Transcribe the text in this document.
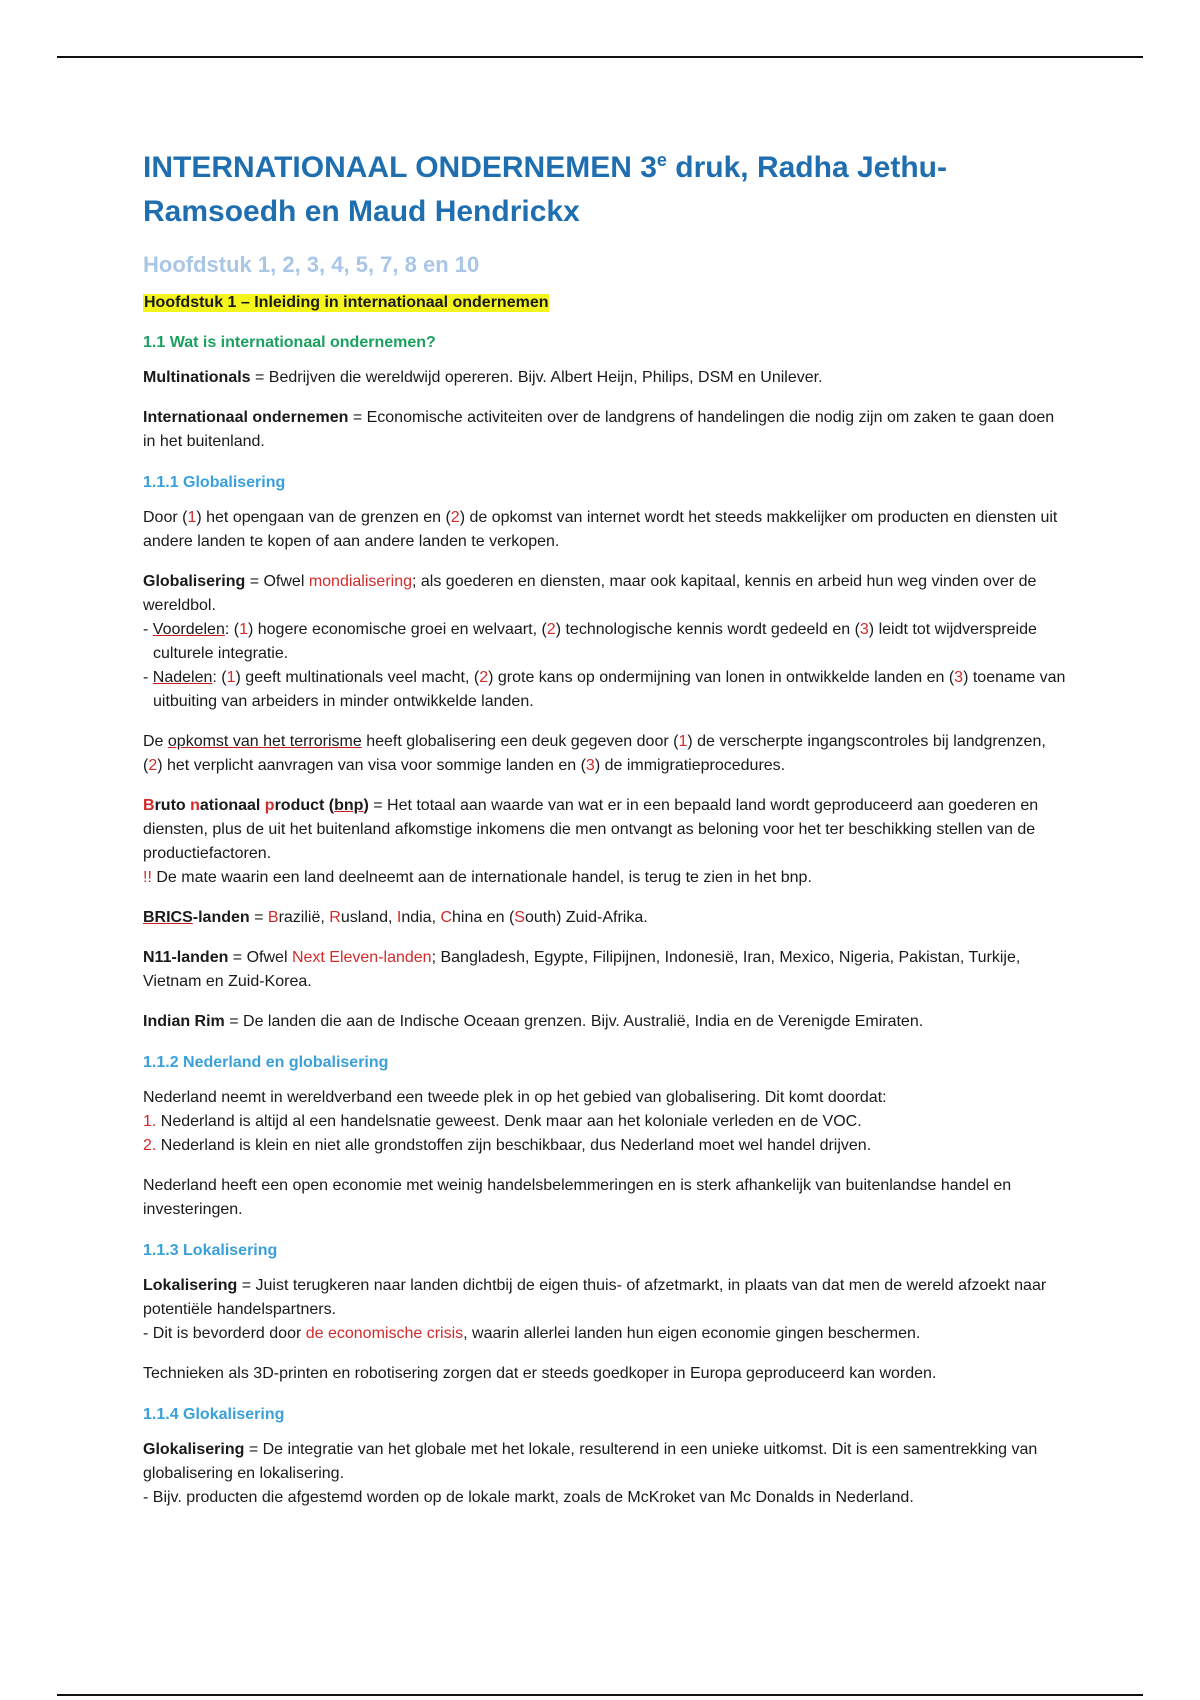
INTERNATIONAAL ONDERNEMEN 3e druk, Radha Jethu-Ramsoedh en Maud Hendrickx
Hoofdstuk 1, 2, 3, 4, 5, 7, 8 en 10
Hoofdstuk 1 – Inleiding in internationaal ondernemen
1.1 Wat is internationaal ondernemen?

Multinationals = Bedrijven die wereldwijd opereren. Bijv. Albert Heijn, Philips, DSM en Unilever.

Internationaal ondernemen = Economische activiteiten over de landgrens of handelingen die nodig zijn om zaken te gaan doen in het buitenland.

1.1.1 Globalisering

Door (1) het opengaan van de grenzen en (2) de opkomst van internet wordt het steeds makkelijker om producten en diensten uit andere landen te kopen of aan andere landen te verkopen.

Globalisering = Ofwel mondialisering; als goederen en diensten, maar ook kapitaal, kennis en arbeid hun weg vinden over de wereldbol.
- Voordelen: (1) hogere economische groei en welvaart, (2) technologische kennis wordt gedeeld en (3) leidt tot wijdverspreide culturele integratie.
- Nadelen: (1) geeft multinationals veel macht, (2) grote kans op ondermijning van lonen in ontwikkelde landen en (3) toename van uitbuiting van arbeiders in minder ontwikkelde landen.

De opkomst van het terrorisme heeft globalisering een deuk gegeven door (1) de verscherpte ingangscontroles bij landgrenzen, (2) het verplicht aanvragen van visa voor sommige landen en (3) de immigratieprocedures.

Bruto nationaal product (bnp) = Het totaal aan waarde van wat er in een bepaald land wordt geproduceerd aan goederen en diensten, plus de uit het buitenland afkomstige inkomens die men ontvangt as beloning voor het ter beschikking stellen van de productiefactoren.
!! De mate waarin een land deelneemt aan de internationale handel, is terug te zien in het bnp.

BRICS-landen = Brazilië, Rusland, India, China en (South) Zuid-Afrika.

N11-landen = Ofwel Next Eleven-landen; Bangladesh, Egypte, Filipijnen, Indonesië, Iran, Mexico, Nigeria, Pakistan, Turkije, Vietnam en Zuid-Korea.

Indian Rim = De landen die aan de Indische Oceaan grenzen. Bijv. Australië, India en de Verenigde Emiraten.

1.1.2 Nederland en globalisering

Nederland neemt in wereldverband een tweede plek in op het gebied van globalisering. Dit komt doordat:
1. Nederland is altijd al een handelsnatie geweest. Denk maar aan het koloniale verleden en de VOC.
2. Nederland is klein en niet alle grondstoffen zijn beschikbaar, dus Nederland moet wel handel drijven.

Nederland heeft een open economie met weinig handelsbelemmeringen en is sterk afhankelijk van buitenlandse handel en investeringen.

1.1.3 Lokalisering

Lokalisering = Juist terugkeren naar landen dichtbij de eigen thuis- of afzetmarkt, in plaats van dat men de wereld afzoekt naar potentiële handelspartners.
- Dit is bevorderd door de economische crisis, waarin allerlei landen hun eigen economie gingen beschermen.

Technieken als 3D-printen en robotisering zorgen dat er steeds goedkoper in Europa geproduceerd kan worden.

1.1.4 Glokalisering

Glokalisering = De integratie van het globale met het lokale, resulterend in een unieke uitkomst. Dit is een samentrekking van globalisering en lokalisering.
- Bijv. producten die afgestemd worden op de lokale markt, zoals de McKroket van Mc Donalds in Nederland.
